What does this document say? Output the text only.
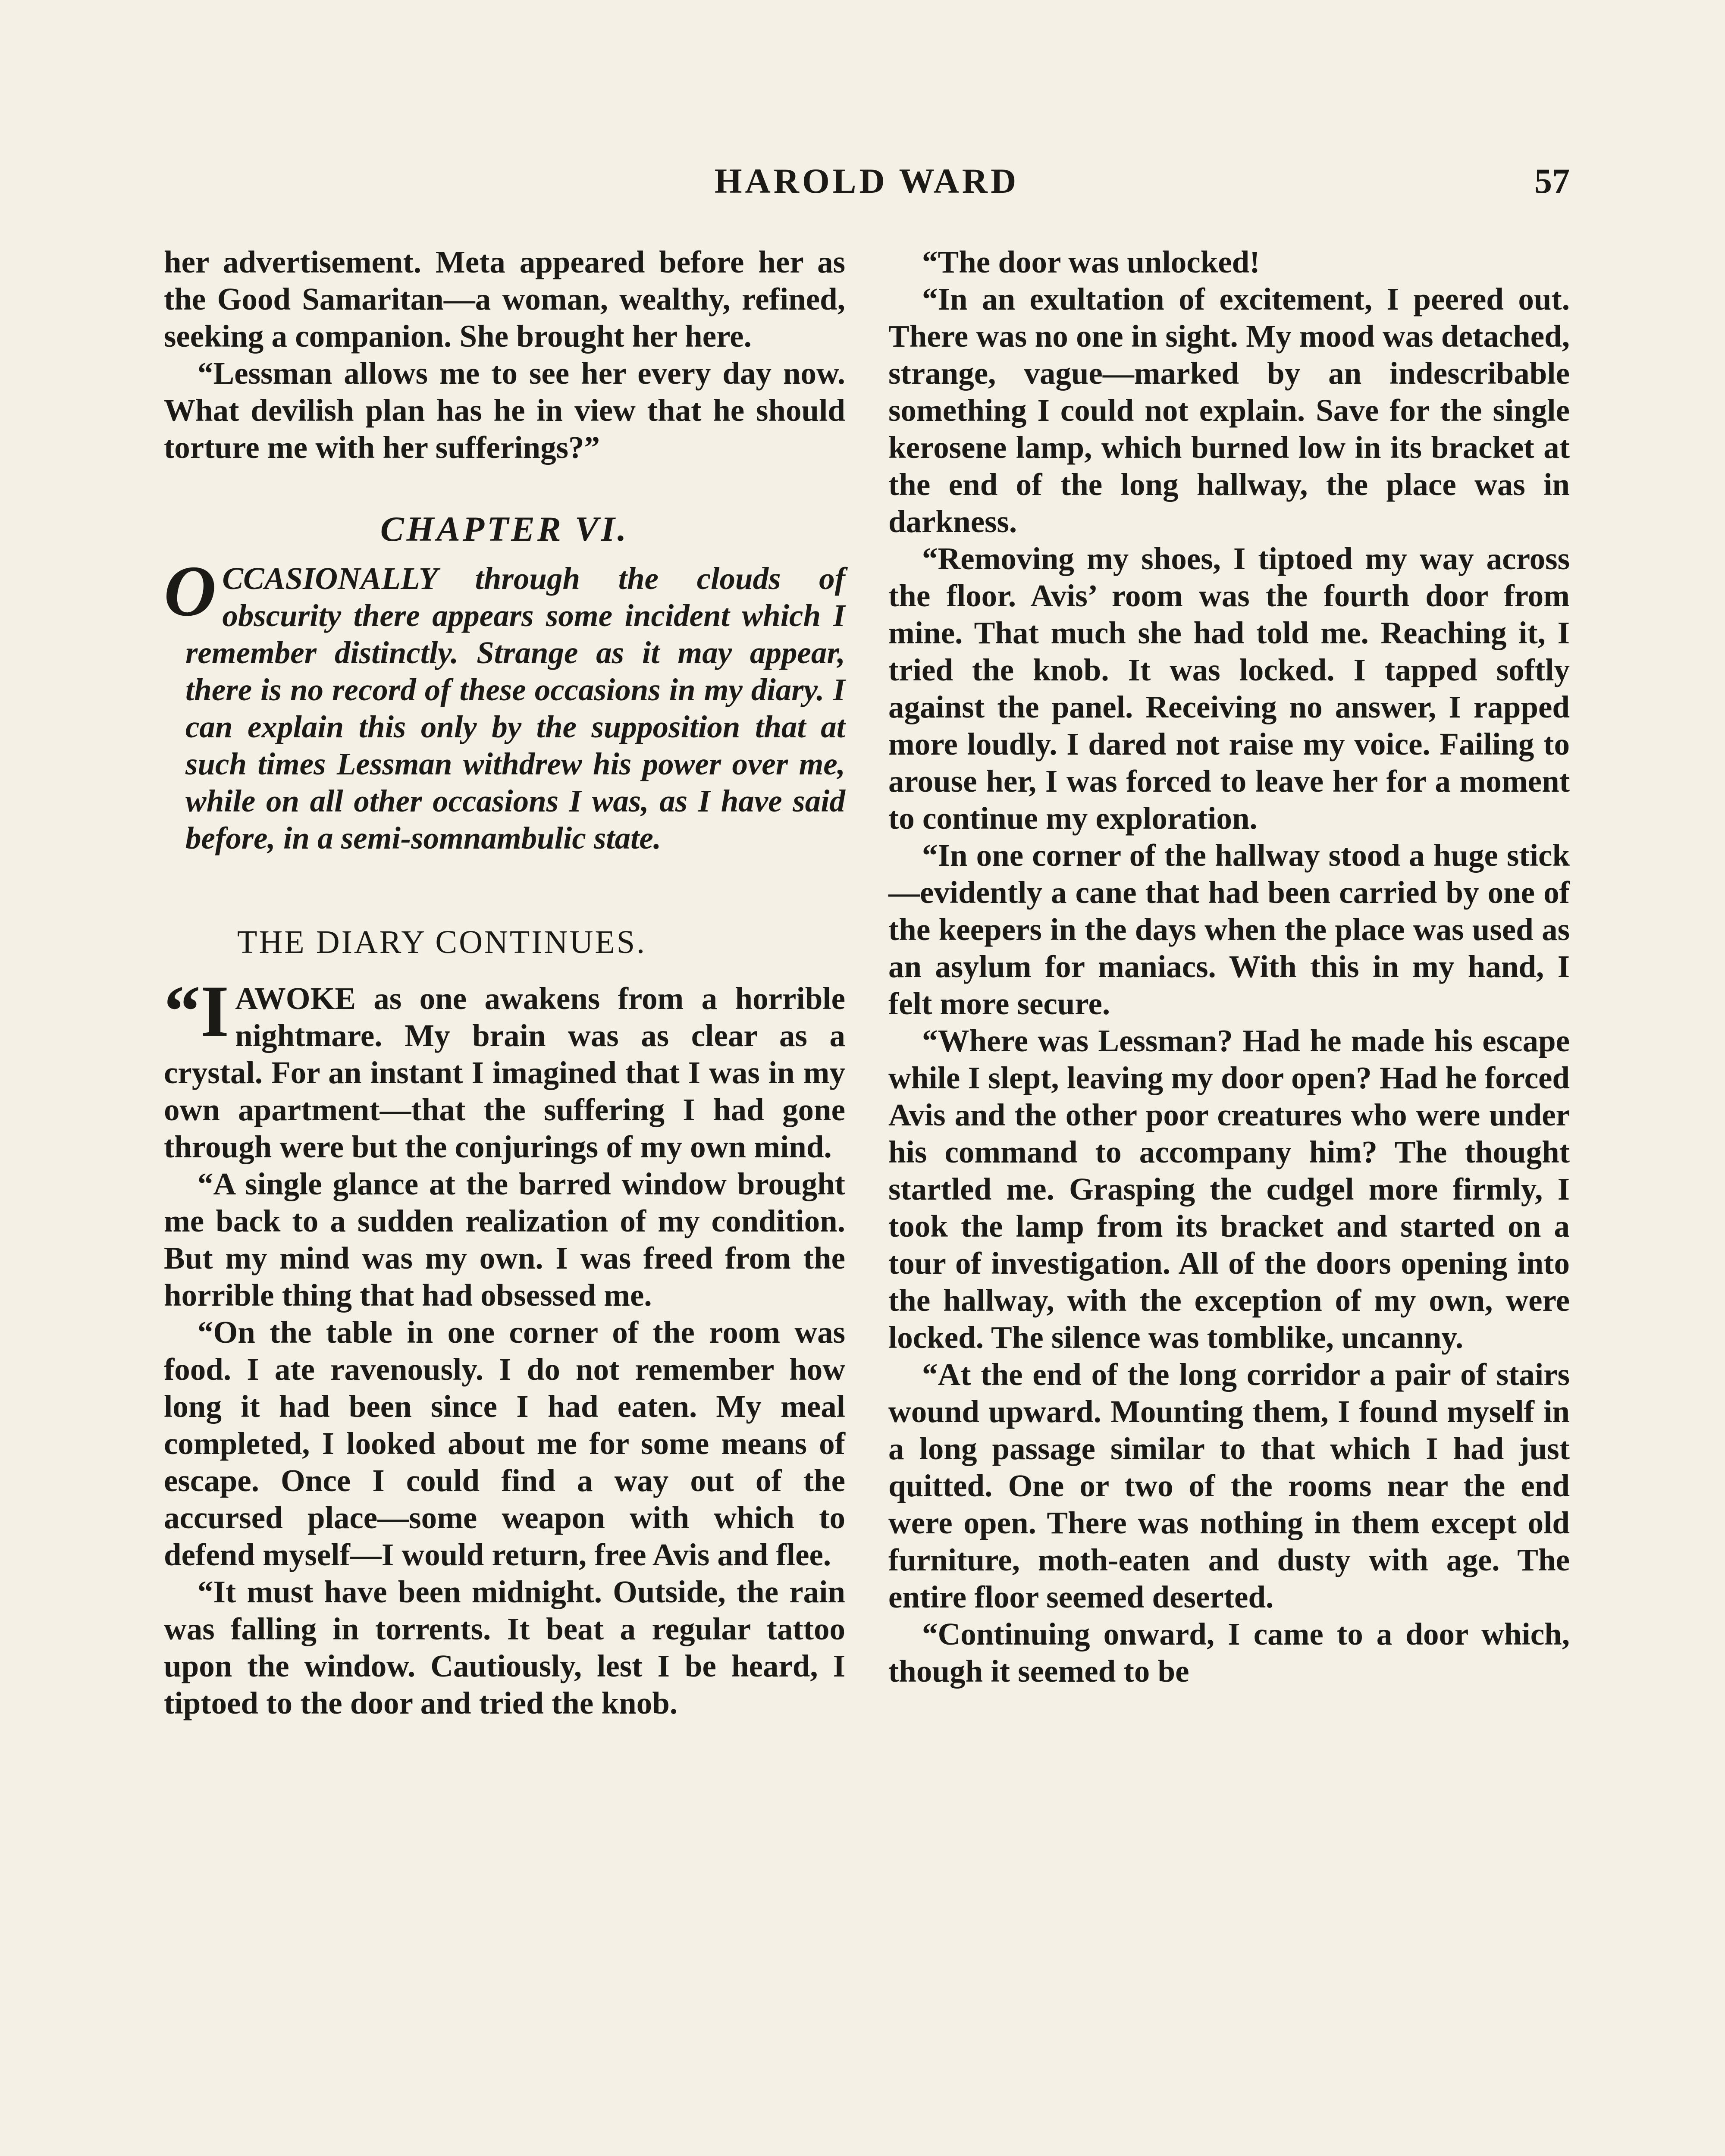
HAROLD WARD	57

her advertisement. Meta appeared before her as the Good Samaritan—a woman, wealthy, refined, seeking a companion. She brought her here.

“Lessman allows me to see her every day now. What devilish plan has he in view that he should torture me with her sufferings?”

CHAPTER VI.

OCCASIONALLY through the clouds of obscurity there appears some incident which I remember distinctly. Strange as it may appear, there is no record of these occasions in my diary. I can explain this only by the supposition that at such times Lessman withdrew his power over me, while on all other occasions I was, as I have said before, in a semi-somnambulic state.

THE DIARY CONTINUES.

“IAWOKE as one awakens from a horrible nightmare. My brain was as clear as a crystal. For an instant I imagined that I was in my own apartment—that the suffering I had gone through were but the conjurings of my own mind.

“A single glance at the barred window brought me back to a sudden realization of my condition. But my mind was my own. I was freed from the horrible thing that had obsessed me.

“On the table in one corner of the room was food. I ate ravenously. I do not remember how long it had been since I had eaten. My meal completed, I looked about me for some means of escape. Once I could find a way out of the accursed place—some weapon with which to defend myself—I would return, free Avis and flee.

“It must have been midnight. Outside, the rain was falling in torrents. It beat a regular tattoo upon the window. Cautiously, lest I be heard, I tiptoed to the door and tried the knob.

“The door was unlocked!

“In an exultation of excitement, I peered out. There was no one in sight. My mood was detached, strange, vague—marked by an indescribable something I could not explain. Save for the single kerosene lamp, which burned low in its bracket at the end of the long hallway, the place was in darkness.

“Removing my shoes, I tiptoed my way across the floor. Avis’ room was the fourth door from mine. That much she had told me. Reaching it, I tried the knob. It was locked. I tapped softly against the panel. Receiving no answer, I rapped more loudly. I dared not raise my voice. Failing to arouse her, I was forced to leave her for a moment to continue my exploration.

“In one corner of the hallway stood a huge stick—evidently a cane that had been carried by one of the keepers in the days when the place was used as an asylum for maniacs. With this in my hand, I felt more secure.

“Where was Lessman? Had he made his escape while I slept, leaving my door open? Had he forced Avis and the other poor creatures who were under his command to accompany him? The thought startled me. Grasping the cudgel more firmly, I took the lamp from its bracket and started on a tour of investigation. All of the doors opening into the hallway, with the exception of my own, were locked. The silence was tomblike, uncanny.

“At the end of the long corridor a pair of stairs wound upward. Mounting them, I found myself in a long passage similar to that which I had just quitted. One or two of the rooms near the end were open. There was nothing in them except old furniture, moth-eaten and dusty with age. The entire floor seemed deserted.

“Continuing onward, I came to a door which, though it seemed to be
